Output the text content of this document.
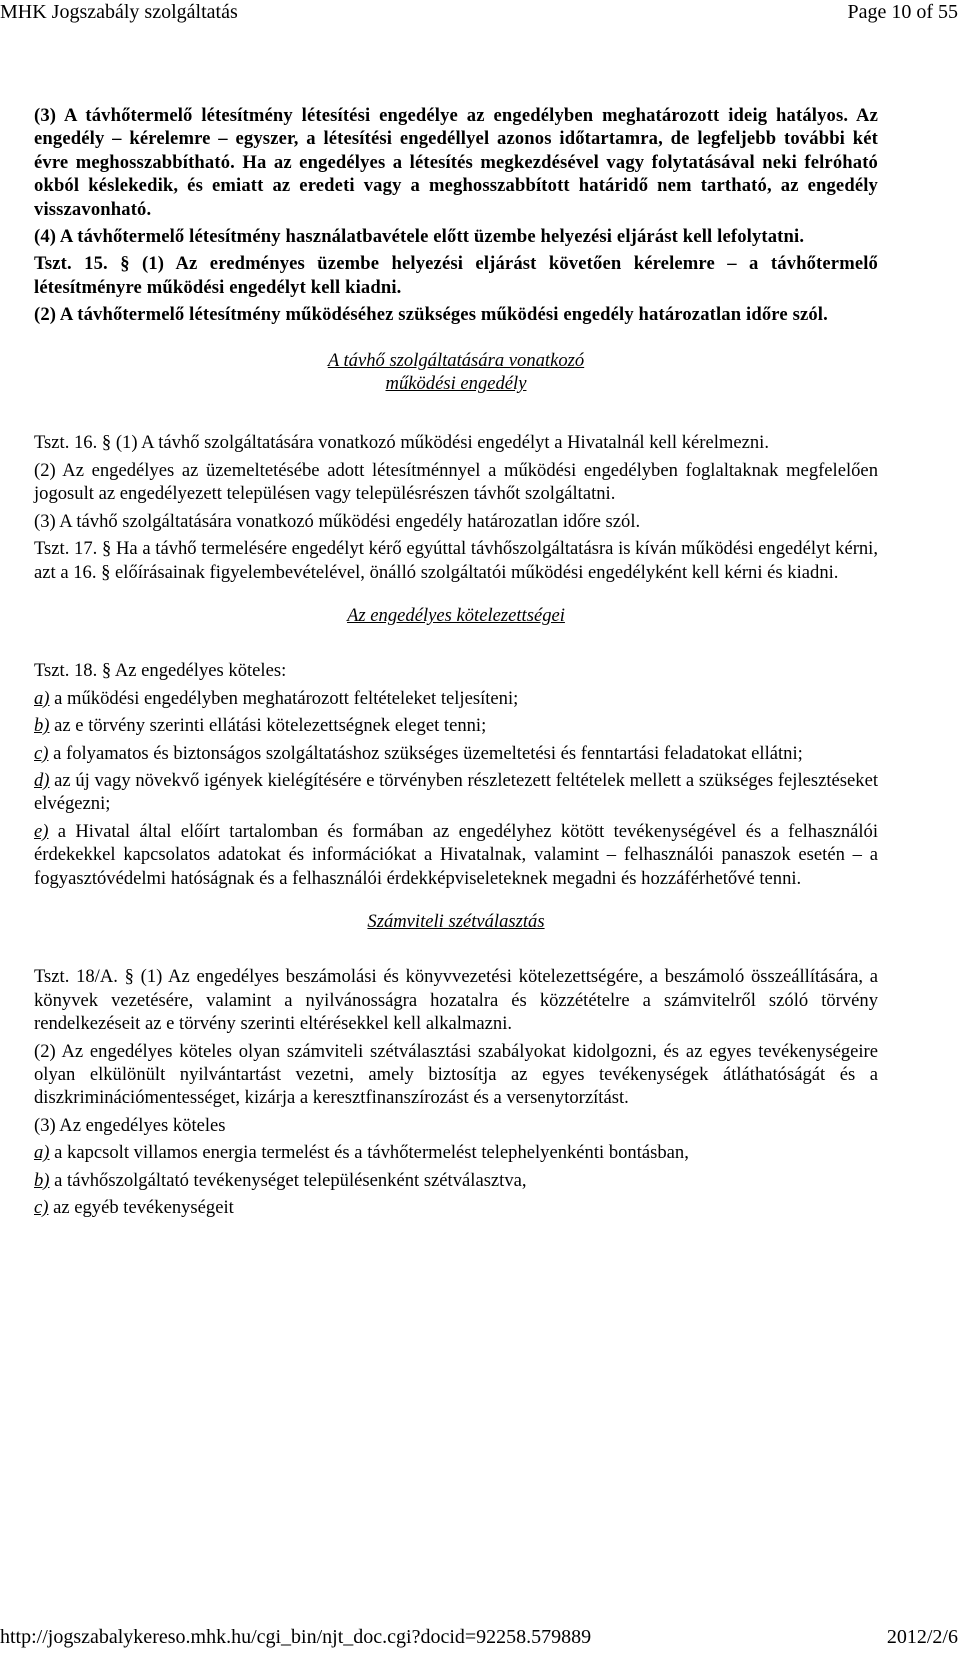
MHK Jogszabály szolgáltatás	Page 10 of 55

(3) A távhőtermelő létesítmény létesítési engedélye az engedélyben meghatározott ideig hatályos. Az engedély – kérelemre – egyszer, a létesítési engedéllyel azonos időtartamra, de legfeljebb további két évre meghosszabbítható. Ha az engedélyes a létesítés megkezdésével vagy folytatásával neki felróható okból késlekedik, és emiatt az eredeti vagy a meghosszabbított határidő nem tartható, az engedély visszavonható.

(4) A távhőtermelő létesítmény használatbavétele előtt üzembe helyezési eljárást kell lefolytatni.

Tszt. 15. § (1) Az eredményes üzembe helyezési eljárást követően kérelemre – a távhőtermelő létesítményre működési engedélyt kell kiadni.

(2) A távhőtermelő létesítmény működéséhez szükséges működési engedély határozatlan időre szól.

A távhő szolgáltatására vonatkozó
működési engedély

Tszt. 16. § (1) A távhő szolgáltatására vonatkozó működési engedélyt a Hivatalnál kell kérelmezni.

(2) Az engedélyes az üzemeltetésébe adott létesítménnyel a működési engedélyben foglaltaknak megfelelően jogosult az engedélyezett településen vagy településrészen távhőt szolgáltatni.

(3) A távhő szolgáltatására vonatkozó működési engedély határozatlan időre szól.

Tszt. 17. § Ha a távhő termelésére engedélyt kérő egyúttal távhőszolgáltatásra is kíván működési engedélyt kérni, azt a 16. § előírásainak figyelembevételével, önálló szolgáltatói működési engedélyként kell kérni és kiadni.

Az engedélyes kötelezettségei

Tszt. 18. § Az engedélyes köteles:

a) a működési engedélyben meghatározott feltételeket teljesíteni;

b) az e törvény szerinti ellátási kötelezettségnek eleget tenni;

c) a folyamatos és biztonságos szolgáltatáshoz szükséges üzemeltetési és fenntartási feladatokat ellátni;

d) az új vagy növekvő igények kielégítésére e törvényben részletezett feltételek mellett a szükséges fejlesztéseket elvégezni;

e) a Hivatal által előírt tartalomban és formában az engedélyhez kötött tevékenységével és a felhasználói érdekekkel kapcsolatos adatokat és információkat a Hivatalnak, valamint – felhasználói panaszok esetén – a fogyasztóvédelmi hatóságnak és a felhasználói érdekképviseleteknek megadni és hozzáférhetővé tenni.

Számviteli szétválasztás

Tszt. 18/A. § (1) Az engedélyes beszámolási és könyvvezetési kötelezettségére, a beszámoló összeállítására, a könyvek vezetésére, valamint a nyilvánosságra hozatalra és közzétételre a számvitelről szóló törvény rendelkezéseit az e törvény szerinti eltérésekkel kell alkalmazni.

(2) Az engedélyes köteles olyan számviteli szétválasztási szabályokat kidolgozni, és az egyes tevékenységeire olyan elkülönült nyilvántartást vezetni, amely biztosítja az egyes tevékenységek átláthatóságát és a diszkriminációmentességet, kizárja a keresztfinanszírozást és a versenytorzítást.

(3) Az engedélyes köteles

a) a kapcsolt villamos energia termelést és a távhőtermelést telephelyenkénti bontásban,

b) a távhőszolgáltató tevékenységet településenként szétválasztva,

c) az egyéb tevékenységeit

http://jogszabalykereso.mhk.hu/cgi_bin/njt_doc.cgi?docid=92258.579889	2012/2/6
